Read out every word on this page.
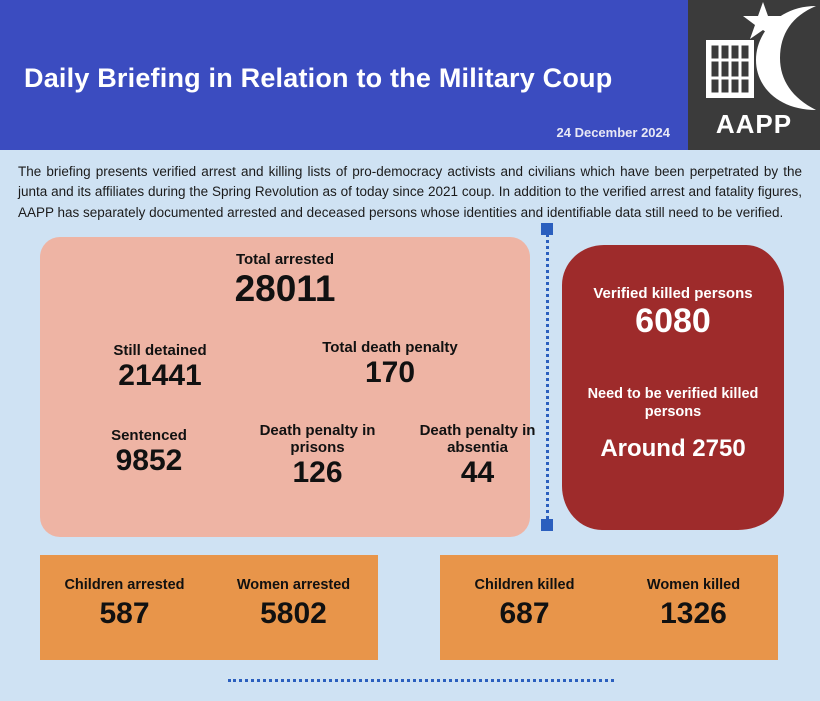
Daily Briefing in Relation to the Military Coup
24 December 2024 AAPP
The briefing presents verified arrest and killing lists of pro-democracy activists and civilians which have been perpetrated by the junta and its affiliates during the Spring Revolution as of today since 2021 coup. In addition to the verified arrest and fatality figures, AAPP has separately documented arrested and deceased persons whose identities and identifiable data still need to be verified.
Total arrested
28011
Still detained
21441
Total death penalty
170
Sentenced
9852
Death penalty in prisons
126
Death penalty in absentia
44
Verified killed persons
6080
Need to be verified killed persons
Around 2750
Children arrested
587
Women arrested
5802
Children killed
687
Women killed
1326
